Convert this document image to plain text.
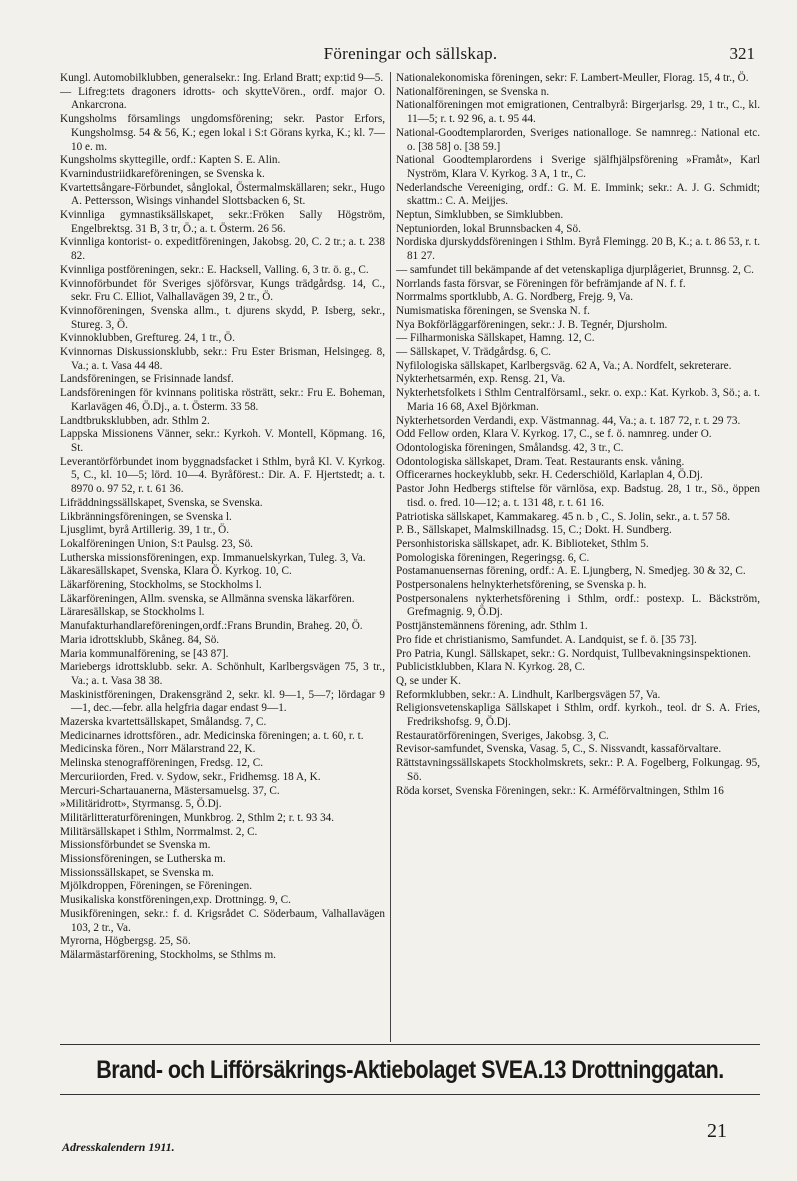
Föreningar och sällskap.	321

Kungl. Automobilklubben, generalsekr.: Ing. Erland Bratt; exp:tid 9—5.

— Lifreg:tets dragoners idrotts- och skytteVören., ordf. major O. Ankarcrona.

Kungsholms församlings ungdomsförening; sekr. Pastor Erfors, Kungsholmsg. 54 & 56, K.; egen lokal i S:t Görans kyrka, K.; kl. 7—10 e. m.

Kungsholms skyttegille, ordf.: Kapten S. E. Alin.

Kvarnindustriidkareföreningen, se Svenska k.

Kvartettsångare-Förbundet, sånglokal, Östermalmskällaren; sekr., Hugo A. Pettersson, Wisings vinhandel Slottsbacken 6, St.

Kvinnliga gymnastiksällskapet, sekr.:Fröken Sally Högström, Engelbrektsg. 31 B, 3 tr, Ö.; a. t. Österm. 26 56.

Kvinnliga kontorist- o. expeditföreningen, Jakobsg. 20, C. 2 tr.; a. t. 238 82.

Kvinnliga postföreningen, sekr.: E. Hacksell, Valling. 6, 3 tr. ö. g., C.

Kvinnoförbundet för Sveriges sjöförsvar, Kungs trädgårdsg. 14, C., sekr. Fru C. Elliot, Valhallavägen 39, 2 tr., Ö.

Kvinnoföreningen, Svenska allm., t. djurens skydd, P. Isberg, sekr., Stureg. 3, Ö.

Kvinnoklubben, Greftureg. 24, 1 tr., Ö.

Kvinnornas Diskussionsklubb, sekr.: Fru Ester Brisman, Helsingeg. 8, Va.; a. t. Vasa 44 48.

Landsföreningen, se Frisinnade landsf.

Landsföreningen för kvinnans politiska rösträtt, sekr.: Fru E. Boheman, Karlavägen 46, Ö.Dj., a. t. Österm. 33 58.

Landtbruksklubben, adr. Sthlm 2.

Lappska Missionens Vänner, sekr.: Kyrkoh. V. Montell, Köpmang. 16, St.

Leverantörförbundet inom byggnadsfacket i Sthlm, byrå Kl. V. Kyrkog. 5, C., kl. 10—5; lörd. 10—4. Byråförest.: Dir. A. F. Hjertstedt; a. t. 8970 o. 97 52, r. t. 61 36.

Lifräddningssällskapet, Svenska, se Svenska.

Likbränningsföreningen, se Svenska l.

Ljusglimt, byrå Artillerig. 39, 1 tr., Ö.

Lokalföreningen Union, S:t Paulsg. 23, Sö.

Lutherska missionsföreningen, exp. Immanuelskyrkan, Tuleg. 3, Va.

Läkaresällskapet, Svenska, Klara Ö. Kyrkog. 10, C.

Läkarförening, Stockholms, se Stockholms l.

Läkarföreningen, Allm. svenska, se Allmänna svenska läkarfören.

Läraresällskap, se Stockholms l.

Manufakturhandlareföreningen,ordf.:Frans Brundin, Braheg. 20, Ö.

Maria idrottsklubb, Skåneg. 84, Sö.

Maria kommunalförening, se [43 87].

Mariebergs idrottsklubb. sekr. A. Schönhult, Karlbergsvägen 75, 3 tr., Va.; a. t. Vasa 38 38.

Maskinistföreningen, Drakensgränd 2, sekr. kl. 9—1, 5—7; lördagar 9—1, dec.—febr. alla helgfria dagar endast 9—1.

Mazerska kvartettsällskapet, Smålandsg. 7, C.

Medicinarnes idrottsfören., adr. Medicinska föreningen; a. t. 60, r. t.

Medicinska fören., Norr Mälarstrand 22, K.

Melinska stenografföreningen, Fredsg. 12, C.

Mercuriiorden, Fred. v. Sydow, sekr., Fridhemsg. 18 A, K.

Mercuri-Schartauanerna, Mästersamuelsg. 37, C.

»Militäridrott», Styrmansg. 5, Ö.Dj.

Militärlitteraturföreningen, Munkbrog. 2, Sthlm 2; r. t. 93 34.

Militärsällskapet i Sthlm, Norrmalmst. 2, C.

Missionsförbundet se Svenska m.

Missionsföreningen, se Lutherska m.

Missionssällskapet, se Svenska m.

Mjölkdroppen, Föreningen, se Föreningen.

Musikaliska konstföreningen,exp. Drottningg. 9, C.

Musikföreningen, sekr.: f. d. Krigsrådet C. Söderbaum, Valhallavägen 103, 2 tr., Va.

Myrorna, Högbergsg. 25, Sö.

Mälarmästarförening, Stockholms, se Sthlms m.

Nationalekonomiska föreningen, sekr: F. Lambert-Meuller, Florag. 15, 4 tr., Ö.

Nationalföreningen, se Svenska n.

Nationalföreningen mot emigrationen, Centralbyrå: Birgerjarlsg. 29, 1 tr., C., kl. 11—5; r. t. 92 96, a. t. 95 44.

National-Goodtemplarorden, Sveriges nationalloge. Se namnreg.: National etc. o. [38 58] o. [38 59.]

National Goodtemplarordens i Sverige själfhjälpsförening »Framåt», Karl Nyström, Klara V. Kyrkog. 3 A, 1 tr., C.

Nederlandsche Vereeniging, ordf.: G. M. E. Immink; sekr.: A. J. G. Schmidt; skattm.: C. A. Meijjes.

Neptun, Simklubben, se Simklubben.

Neptuniorden, lokal Brunnsbacken 4, Sö.

Nordiska djurskyddsföreningen i Sthlm. Byrå Flemingg. 20 B, K.; a. t. 86 53, r. t. 81 27.

— samfundet till bekämpande af det vetenskapliga djurplågeriet, Brunnsg. 2, C.

Norrlands fasta försvar, se Föreningen för befrämjande af N. f. f.

Norrmalms sportklubb, A. G. Nordberg, Frejg. 9, Va.

Numismatiska föreningen, se Svenska N. f.

Nya Bokförläggarföreningen, sekr.: J. B. Tegnér, Djursholm.

— Filharmoniska Sällskapet, Hamng. 12, C.

— Sällskapet, V. Trädgårdsg. 6, C.

Nyfilologiska sällskapet, Karlbergsväg. 62 A, Va.; A. Nordfelt, sekreterare.

Nykterhetsarmén, exp. Rensg. 21, Va.

Nykterhetsfolkets i Sthlm Centralförsaml., sekr. o. exp.: Kat. Kyrkob. 3, Sö.; a. t. Maria 16 68, Axel Björkman.

Nykterhetsorden Verdandi, exp. Västmannag. 44, Va.; a. t. 187 72, r. t. 29 73.

Odd Fellow orden, Klara V. Kyrkog. 17, C., se f. ö. namnreg. under O.

Odontologiska föreningen, Smålandsg. 42, 3 tr., C.

Odontologiska sällskapet, Dram. Teat. Restaurants ensk. våning.

Officerarnes hockeyklubb, sekr. H. Cederschiöld, Karlaplan 4, Ö.Dj.

Pastor John Hedbergs stiftelse för värnlösa, exp. Badstug. 28, 1 tr., Sö., öppen tisd. o. fred. 10—12; a. t. 131 48, r. t. 61 16.

Patriotiska sällskapet, Kammakareg. 45 n. b , C., S. Jolin, sekr., a. t. 57 58.

P. B., Sällskapet, Malmskillnadsg. 15, C.; Dokt. H. Sundberg.

Personhistoriska sällskapet, adr. K. Biblioteket, Sthlm 5.

Pomologiska föreningen, Regeringsg. 6, C.

Postamanuensernas förening, ordf.: A. E. Ljungberg, N. Smedjeg. 30 & 32, C.

Postpersonalens helnykterhetsförening, se Svenska p. h.

Postpersonalens nykterhetsförening i Sthlm, ordf.: postexp. L. Bäckström, Grefmagnig. 9, Ö.Dj.

Posttjänstemännens förening, adr. Sthlm 1.

Pro fide et christianismo, Samfundet. A. Landquist, se f. ö. [35 73].

Pro Patria, Kungl. Sällskapet, sekr.: G. Nordquist, Tullbevakningsinspektionen.

Publicistklubben, Klara N. Kyrkog. 28, C.

Q, se under K.

Reformklubben, sekr.: A. Lindhult, Karlbergsvägen 57, Va.

Religionsvetenskapliga Sällskapet i Sthlm, ordf. kyrkoh., teol. dr S. A. Fries, Fredrikshofsg. 9, Ö.Dj.

Restauratörföreningen, Sveriges, Jakobsg. 3, C.

Revisor-samfundet, Svenska, Vasag. 5, C., S. Nissvandt, kassaförvaltare.

Rättstavningssällskapets Stockholmskrets, sekr.: P. A. Fogelberg, Folkungag. 95, Sö.

Röda korset, Svenska Föreningen, sekr.: K. Arméförvaltningen, Sthlm 16

Brand- och Lifförsäkrings-Aktiebolaget SVEA. 13 Drottninggatan.
Adresskalendern 1911.
21
